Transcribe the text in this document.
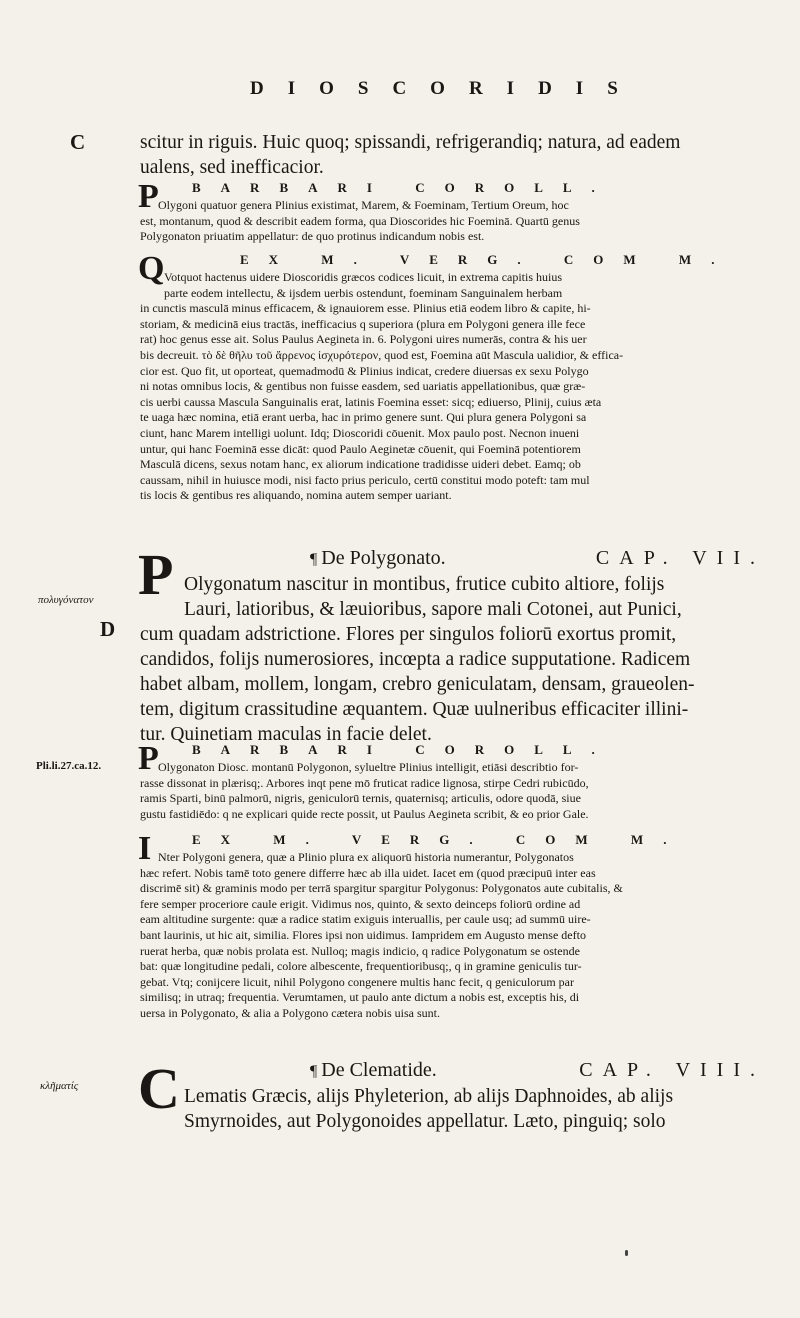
DIOSCORIDIS
C	scitur in riguis. Huic quoq; spissandi, refrigerandiq; natura, ad eadem
ualens, sed inefficacior.
P	BARBARI COROLL.
Olygoni quatuor genera Plinius existimat, Marem, & Foeminam, Tertium Oreum, hoc
est, montanum, quod & describit eadem forma, qua Dioscorides hic Foeminā. Quartū genus
Polygonaton priuatim appellatur: de quo protinus indicandum nobis est.
Q	EX M. VERG. COM M.
Votquot hactenus uidere Dioscoridis græcos codices licuit, in extrema capitis huius
parte eodem intellectu, & ijsdem uerbis ostendunt, foeminam Sanguinalem herbam
in cunctis masculā minus efficacem, & ignauiorem esse. Plinius etiā eodem libro & capite, hi-
storiam, & medicinā eius tractās, inefficacius q superiora (plura em Polygoni genera ille fece
rat) hoc genus esse ait. Solus Paulus Aegineta in. 6. Polygoni uires numerās, contra & his uer
bis decreuit. τὸ δὲ θῆλυ τοῦ ἄρρενος ἰσχυρότερον, quod est, Foemina aūt Mascula ualidior, & effica-
cior est. Quo fit, ut oporteat, quemadmodū & Plinius indicat, credere diuersas ex sexu Polygo
ni notas omnibus locis, & gentibus non fuisse easdem, sed uariatis appellationibus, quæ græ-
cis uerbi caussa Mascula Sanguinalis erat, latinis Foemina esset: sicq; ediuerso, Plinij, cuius æta
te uaga hæc nomina, etiā erant uerba, hac in primo genere sunt. Qui plura genera Polygoni sa
ciunt, hanc Marem intelligi uolunt. Idq; Dioscoridi cōuenit. Mox paulo post. Necnon inueni
untur, qui hanc Foeminā esse dicāt: quod Paulo Aeginetæ cōuenit, qui Foeminā potentiorem
Masculā dicens, sexus notam hanc, ex aliorum indicatione tradidisse uideri debet. Eamq; ob
caussam, nihil in huiusce modi, nisi facto prius periculo, certū constitui modo poteft: tam mul
tis locis & gentibus res aliquando, nomina autem semper uariant.
πολυγόνατον
D
P	¶ De Polygonato.	CAP. VII.
Olygonatum nascitur in montibus, frutice cubito altiore, folijs
Lauri, latioribus, & læuioribus, sapore mali Cotonei, aut Punici,
cum quadam adstrictione. Flores per singulos foliorū exortus promit,
candidos, folijs numerosiores, incœpta a radice supputatione. Radicem
habet albam, mollem, longam, crebro geniculatam, densam, graueolen-
tem, digitum crassitudine æquantem. Quæ uulneribus efficaciter illini-
tur. Quinetiam maculas in facie delet.
Pli.li.27.ca.12. P	BARBARI COROLL.
Olygonaton Diosc. montanū Polygonon, sylueltre Plinius intelligit, etiāsi describtio for-
rasse dissonat in plærisq;. Arbores inqt pene mō fruticat radice lignosa, stirpe Cedri rubicūdo,
ramis Sparti, binū palmorū, nigris, geniculorū ternis, quaternisq; articulis, odore quodā, siue
gustu fastidiēdo: q ne explicari quide recte possit, ut Paulus Aegineta scribit, & eo prior Gale.
I	EX M. VERG. COM M.
Nter Polygoni genera, quæ a Plinio plura ex aliquorū historia numerantur, Polygonatos
hæc refert. Nobis tamē toto genere differre hæc ab illa uidet. Iacet em (quod præcipuū inter eas
discrimē sit) & graminis modo per terrā spargitur spargitur Polygonus: Polygonatos aute cubitalis, &
fere semper proceriore caule erigit. Vidimus nos, quinto, & sexto deinceps foliorū ordine ad
eam altitudine surgente: quæ a radice statim exiguis interuallis, per caule usq; ad summū uire-
bant laurinis, ut hic ait, similia. Flores ipsi non uidimus. Iampridem em Augusto mense defto
ruerat herba, quæ nobis prolata est. Nulloq; magis indicio, q radice Polygonatum se ostende
bat: quæ longitudine pedali, colore albescente, frequentioribusq;, q in gramine geniculis tur-
gebat. Vtq; conijcere licuit, nihil Polygono congenere multis hanc fecit, q geniculorum par
similisq; in utraq; frequentia. Verumtamen, ut paulo ante dictum a nobis est, exceptis his, di
uersa in Polygonato, & alia a Polygono cætera nobis uisa sunt.
κλῆματίς C	¶ De Clematide.	CAP. VIII.
Lematis Græcis, alijs Phyleterion, ab alijs Daphnoides, ab alijs
Smyrnoides, aut Polygonoides appellatur. Læto, pinguiq; solo
